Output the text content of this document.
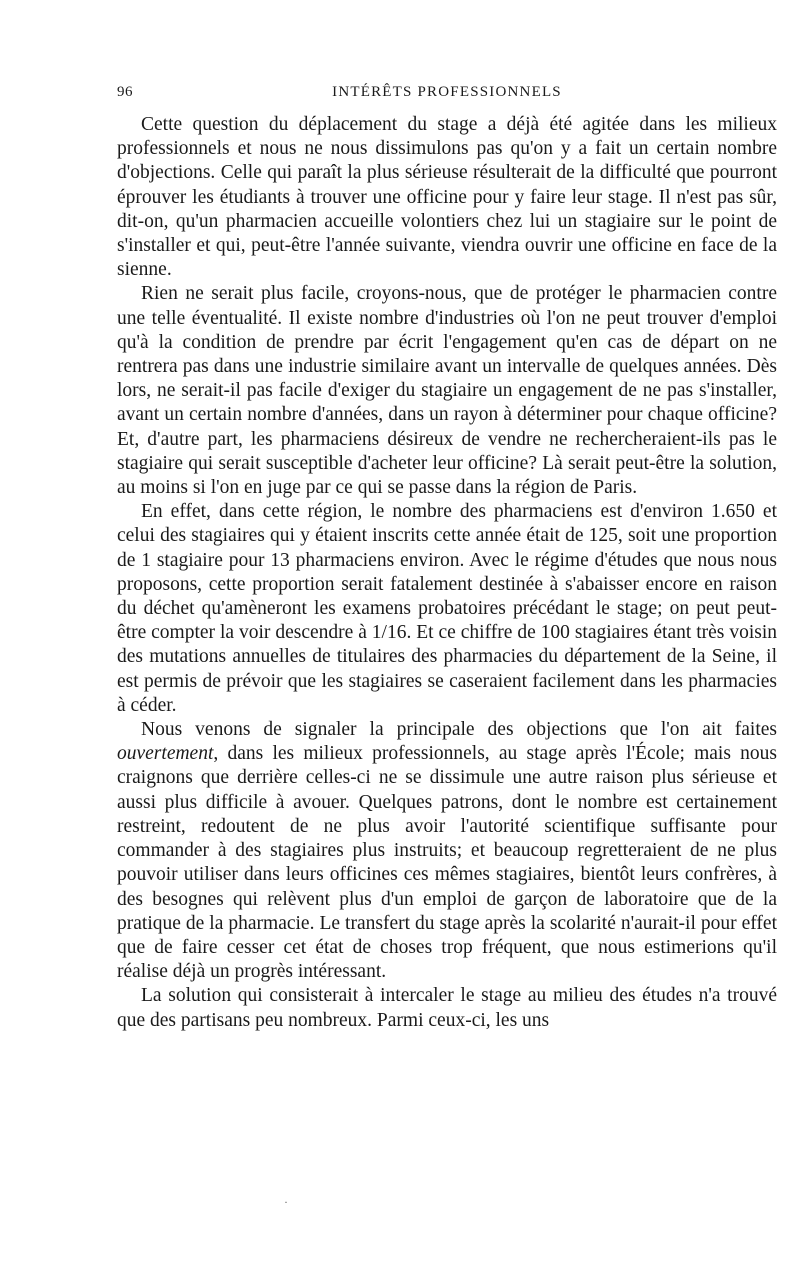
96	INTÉRÊTS PROFESSIONNELS

Cette question du déplacement du stage a déjà été agitée dans les milieux professionnels et nous ne nous dissimulons pas qu'on y a fait un certain nombre d'objections. Celle qui paraît la plus sérieuse résulterait de la difficulté que pourront éprouver les étudiants à trouver une officine pour y faire leur stage. Il n'est pas sûr, dit-on, qu'un pharmacien accueille volontiers chez lui un stagiaire sur le point de s'installer et qui, peut-être l'année suivante, viendra ouvrir une officine en face de la sienne.

Rien ne serait plus facile, croyons-nous, que de protéger le pharmacien contre une telle éventualité. Il existe nombre d'industries où l'on ne peut trouver d'emploi qu'à la condition de prendre par écrit l'engagement qu'en cas de départ on ne rentrera pas dans une industrie similaire avant un intervalle de quelques années. Dès lors, ne serait-il pas facile d'exiger du stagiaire un engagement de ne pas s'installer, avant un certain nombre d'années, dans un rayon à déterminer pour chaque officine? Et, d'autre part, les pharmaciens désireux de vendre ne rechercheraient-ils pas le stagiaire qui serait susceptible d'acheter leur officine? Là serait peut-être la solution, au moins si l'on en juge par ce qui se passe dans la région de Paris.

En effet, dans cette région, le nombre des pharmaciens est d'environ 1.650 et celui des stagiaires qui y étaient inscrits cette année était de 125, soit une proportion de 1 stagiaire pour 13 pharmaciens environ. Avec le régime d'études que nous nous proposons, cette proportion serait fatalement destinée à s'abaisser encore en raison du déchet qu'amèneront les examens probatoires précédant le stage; on peut peut-être compter la voir descendre à 1/16. Et ce chiffre de 100 stagiaires étant très voisin des mutations annuelles de titulaires des pharmacies du département de la Seine, il est permis de prévoir que les stagiaires se caseraient facilement dans les pharmacies à céder.

Nous venons de signaler la principale des objections que l'on ait faites ouvertement, dans les milieux professionnels, au stage après l'École; mais nous craignons que derrière celles-ci ne se dissimule une autre raison plus sérieuse et aussi plus difficile à avouer. Quelques patrons, dont le nombre est certainement restreint, redoutent de ne plus avoir l'autorité scientifique suffisante pour commander à des stagiaires plus instruits; et beaucoup regretteraient de ne plus pouvoir utiliser dans leurs officines ces mêmes stagiaires, bientôt leurs confrères, à des besognes qui relèvent plus d'un emploi de garçon de laboratoire que de la pratique de la pharmacie. Le transfert du stage après la scolarité n'aurait-il pour effet que de faire cesser cet état de choses trop fréquent, que nous estimerions qu'il réalise déjà un progrès intéressant.

La solution qui consisterait à intercaler le stage au milieu des études n'a trouvé que des partisans peu nombreux. Parmi ceux-ci, les uns

·
